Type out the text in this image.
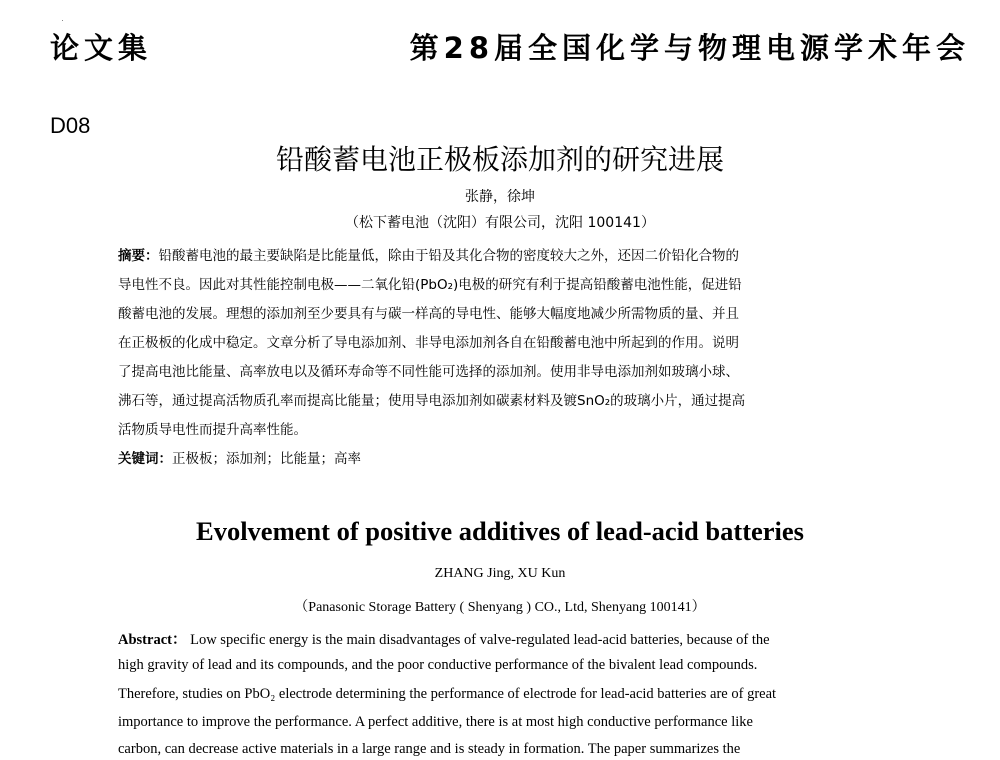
论文集	第28届全国化学与物理电源学术年会
D08
铅酸蓄电池正极板添加剂的研究进展
张静，徐坤
（松下蓄电池（沈阳）有限公司，沈阳 100141）
摘要：铅酸蓄电池的最主要缺陷是比能量低，除由于铅及其化合物的密度较大之外，还因二价铅化合物的
导电性不良。因此对其性能控制电极——二氧化铅(PbO₂)电极的研究有利于提高铅酸蓄电池性能，促进铅
酸蓄电池的发展。理想的添加剂至少要具有与碳一样高的导电性、能够大幅度地减少所需物质的量、并且
在正极板的化成中稳定。文章分析了导电添加剂、非导电添加剂各自在铅酸蓄电池中所起到的作用。说明
了提高电池比能量、高率放电以及循环寿命等不同性能可选择的添加剂。使用非导电添加剂如玻璃小球、
沸石等，通过提高活物质孔率而提高比能量；使用导电添加剂如碳素材料及镀SnO₂的玻璃小片，通过提高
活物质导电性而提升高率性能。
关键词：正极板；添加剂；比能量；高率
Evolvement of positive additives of lead-acid batteries
ZHANG Jing, XU Kun
（Panasonic Storage Battery ( Shenyang ) CO., Ltd, Shenyang 100141）
Abstract： Low specific energy is the main disadvantages of valve-regulated lead-acid batteries, because of the
high gravity of lead and its compounds, and the poor conductive performance of the bivalent lead compounds.
Therefore, studies on PbO₂ electrode determining the performance of electrode for lead-acid batteries are of great
importance to improve the performance. A perfect additive, there is at most high conductive performance like
carbon, can decrease active materials in a large range and is steady in formation. The paper summarizes the
